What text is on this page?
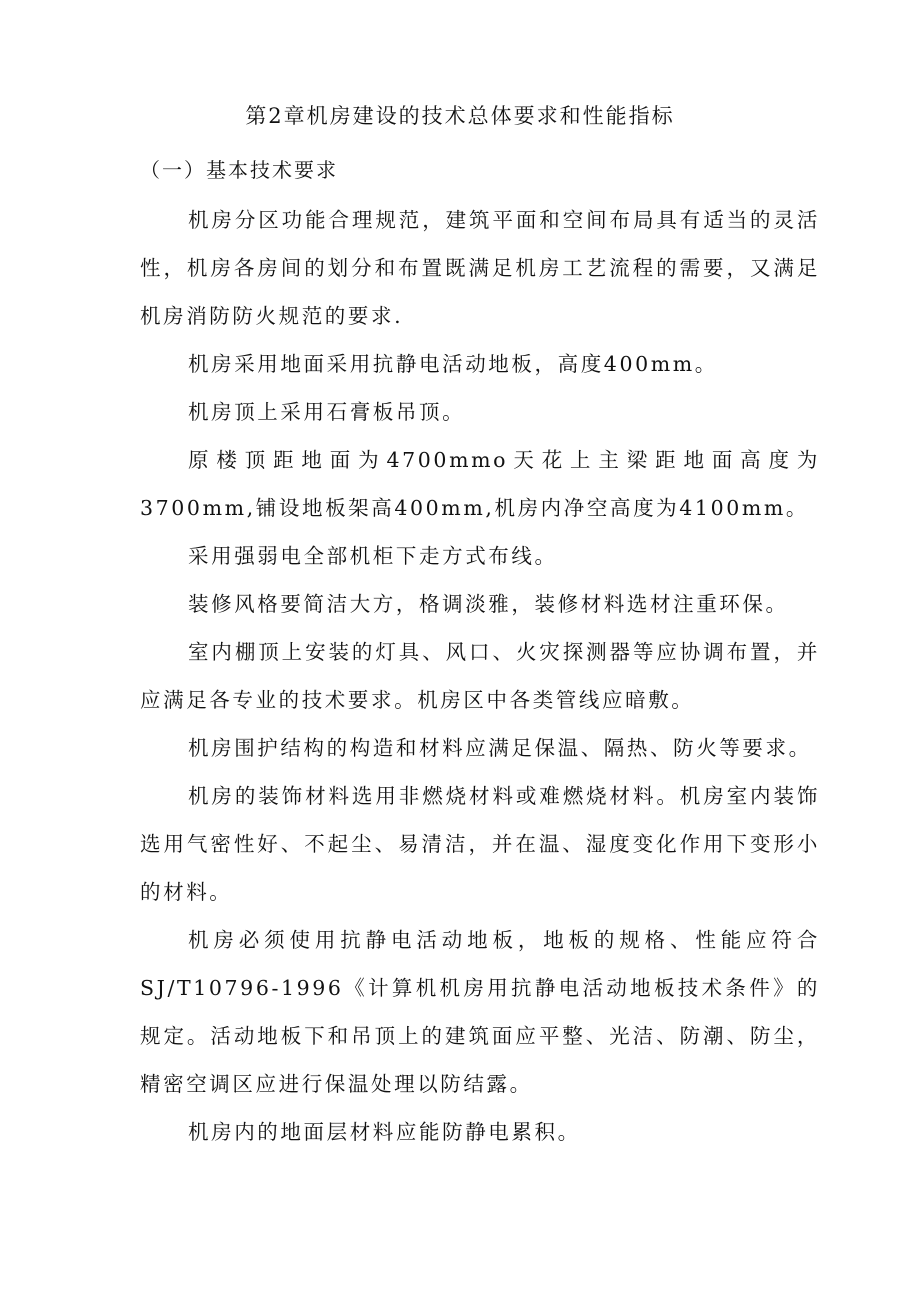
第2章机房建设的技术总体要求和性能指标
（一）基本技术要求

机房分区功能合理规范，建筑平面和空间布局具有适当的灵活性，机房各房间的划分和布置既满足机房工艺流程的需要，又满足机房消防防火规范的要求.

机房采用地面采用抗静电活动地板，高度400mm。

机房顶上采用石膏板吊顶。

原楼顶距地面为4700mmo天花上主梁距地面高度为3700mm,铺设地板架高400mm,机房内净空高度为4100mm。

采用强弱电全部机柜下走方式布线。

装修风格要简洁大方，格调淡雅，装修材料选材注重环保。

室内棚顶上安装的灯具、风口、火灾探测器等应协调布置，并应满足各专业的技术要求。机房区中各类管线应暗敷。

机房围护结构的构造和材料应满足保温、隔热、防火等要求。

机房的装饰材料选用非燃烧材料或难燃烧材料。机房室内装饰选用气密性好、不起尘、易清洁，并在温、湿度变化作用下变形小的材料。

机房必须使用抗静电活动地板，地板的规格、性能应符合SJ/T10796-1996《计算机机房用抗静电活动地板技术条件》的规定。活动地板下和吊顶上的建筑面应平整、光洁、防潮、防尘，精密空调区应进行保温处理以防结露。

机房内的地面层材料应能防静电累积。
